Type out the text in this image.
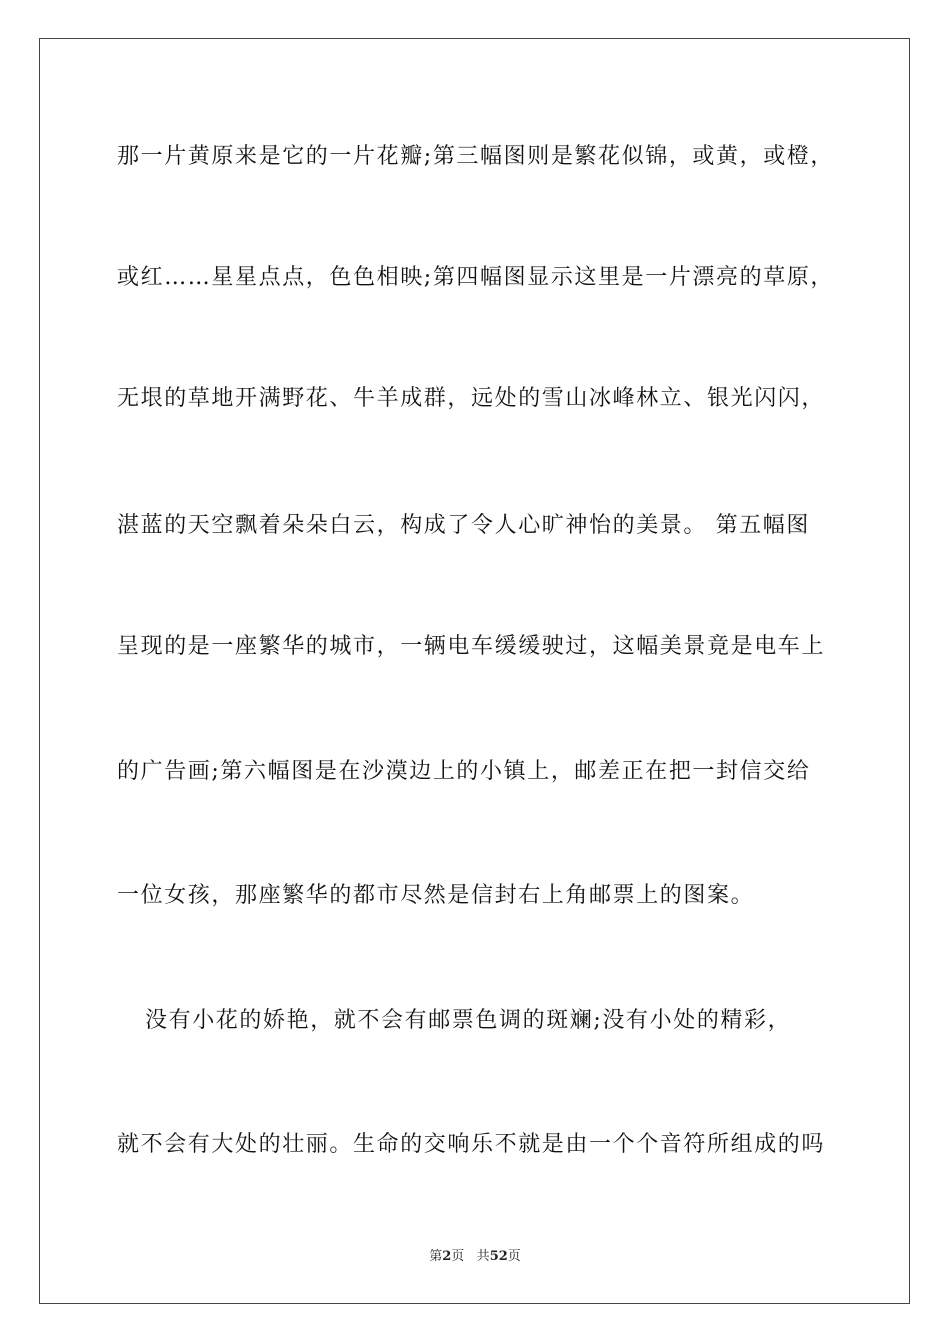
那一片黄原来是它的一片花瓣;第三幅图则是繁花似锦，或黄，或橙，
或红……星星点点，色色相映;第四幅图显示这里是一片漂亮的草原，
无垠的草地开满野花、牛羊成群，远处的雪山冰峰林立、银光闪闪，
湛蓝的天空飘着朵朵白云，构成了令人心旷神怡的美景。 第五幅图
呈现的是一座繁华的城市，一辆电车缓缓驶过，这幅美景竟是电车上
的广告画;第六幅图是在沙漠边上的小镇上，邮差正在把一封信交给
一位女孩，那座繁华的都市尽然是信封右上角邮票上的图案。
没有小花的娇艳，就不会有邮票色调的斑斓;没有小处的精彩，
就不会有大处的壮丽。生命的交响乐不就是由一个个音符所组成的吗
第2页 共52页
